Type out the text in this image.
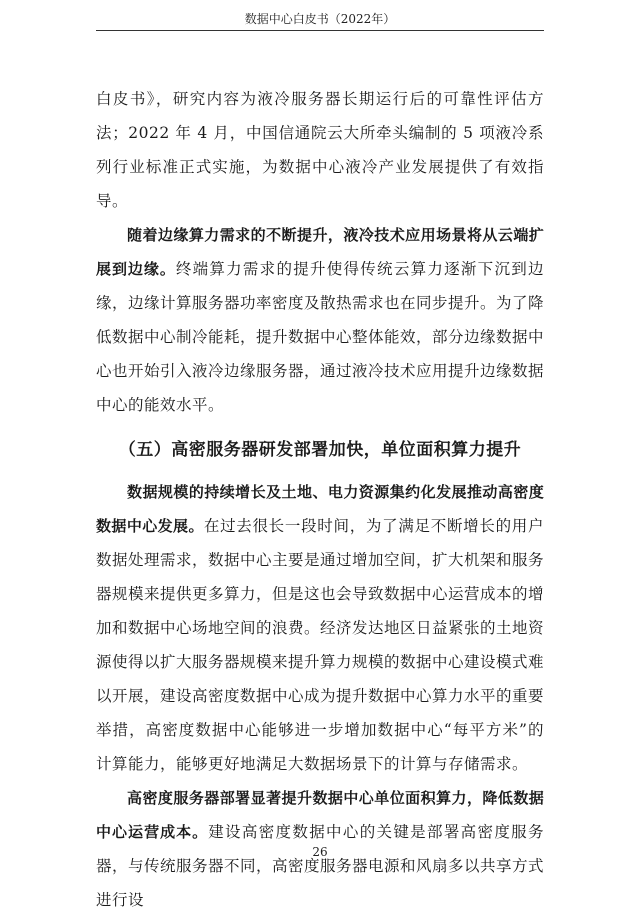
数据中心白皮书（2022年）

白皮书》，研究内容为液冷服务器长期运行后的可靠性评估方法；2022 年 4 月，中国信通院云大所牵头编制的 5 项液冷系列行业标准正式实施，为数据中心液冷产业发展提供了有效指导。

随着边缘算力需求的不断提升，液冷技术应用场景将从云端扩展到边缘。终端算力需求的提升使得传统云算力逐渐下沉到边缘，边缘计算服务器功率密度及散热需求也在同步提升。为了降低数据中心制冷能耗，提升数据中心整体能效，部分边缘数据中心也开始引入液冷边缘服务器，通过液冷技术应用提升边缘数据中心的能效水平。

（五）高密服务器研发部署加快，单位面积算力提升

数据规模的持续增长及土地、电力资源集约化发展推动高密度数据中心发展。在过去很长一段时间，为了满足不断增长的用户数据处理需求，数据中心主要是通过增加空间，扩大机架和服务器规模来提供更多算力，但是这也会导致数据中心运营成本的增加和数据中心场地空间的浪费。经济发达地区日益紧张的土地资源使得以扩大服务器规模来提升算力规模的数据中心建设模式难以开展，建设高密度数据中心成为提升数据中心算力水平的重要举措，高密度数据中心能够进一步增加数据中心“每平方米”的计算能力，能够更好地满足大数据场景下的计算与存储需求。

高密度服务器部署显著提升数据中心单位面积算力，降低数据中心运营成本。建设高密度数据中心的关键是部署高密度服务器，与传统服务器不同，高密度服务器电源和风扇多以共享方式进行设

26
